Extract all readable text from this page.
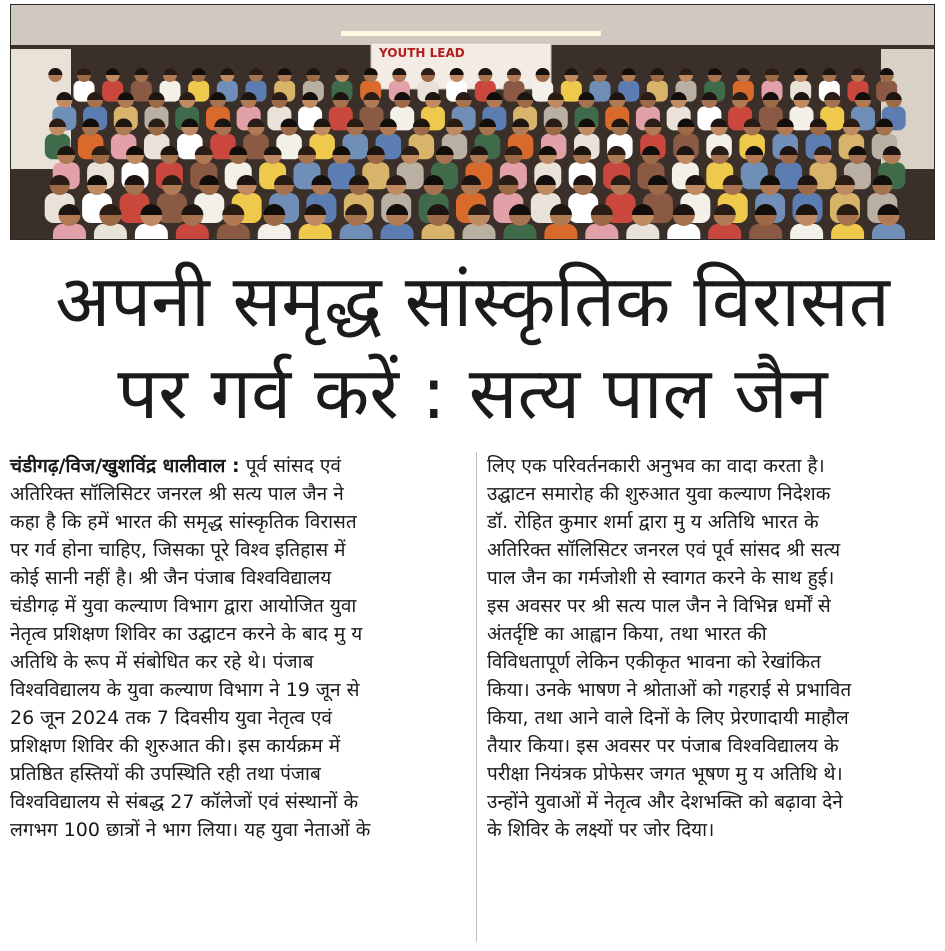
YOUTH LEAD
अपनी समृद्ध सांस्कृतिक विरासत
पर गर्व करें : सत्य पाल जैन

चंडीगढ़/विज/खुशविंद्र धालीवाल : पूर्व सांसद एवं

अतिरिक्त सॉलिसिटर जनरल श्री सत्य पाल जैन ने

कहा है कि हमें भारत की समृद्ध सांस्कृतिक विरासत

पर गर्व होना चाहिए, जिसका पूरे विश्व इतिहास में

कोई सानी नहीं है। श्री जैन पंजाब विश्वविद्यालय

चंडीगढ़ में युवा कल्याण विभाग द्वारा आयोजित युवा

नेतृत्व प्रशिक्षण शिविर का उद्घाटन करने के बाद मु य

अतिथि के रूप में संबोधित कर रहे थे। पंजाब

विश्वविद्यालय के युवा कल्याण विभाग ने 19 जून से

26 जून 2024 तक 7 दिवसीय युवा नेतृत्व एवं

प्रशिक्षण शिविर की शुरुआत की। इस कार्यक्रम में

प्रतिष्ठित हस्तियों की उपस्थिति रही तथा पंजाब

विश्वविद्यालय से संबद्ध 27 कॉलेजों एवं संस्थानों के

लगभग 100 छात्रों ने भाग लिया। यह युवा नेताओं के

लिए एक परिवर्तनकारी अनुभव का वादा करता है।

उद्घाटन समारोह की शुरुआत युवा कल्याण निदेशक

डॉ. रोहित कुमार शर्मा द्वारा मु य अतिथि भारत के

अतिरिक्त सॉलिसिटर जनरल एवं पूर्व सांसद श्री सत्य

पाल जैन का गर्मजोशी से स्वागत करने के साथ हुई।

इस अवसर पर श्री सत्य पाल जैन ने विभिन्न धर्मों से

अंतर्दृष्टि का आह्वान किया, तथा भारत की

विविधतापूर्ण लेकिन एकीकृत भावना को रेखांकित

किया। उनके भाषण ने श्रोताओं को गहराई से प्रभावित

किया, तथा आने वाले दिनों के लिए प्रेरणादायी माहौल

तैयार किया। इस अवसर पर पंजाब विश्वविद्यालय के

परीक्षा नियंत्रक प्रोफेसर जगत भूषण मु य अतिथि थे।

उन्होंने युवाओं में नेतृत्व और देशभक्ति को बढ़ावा देने

के शिविर के लक्ष्यों पर जोर दिया।
